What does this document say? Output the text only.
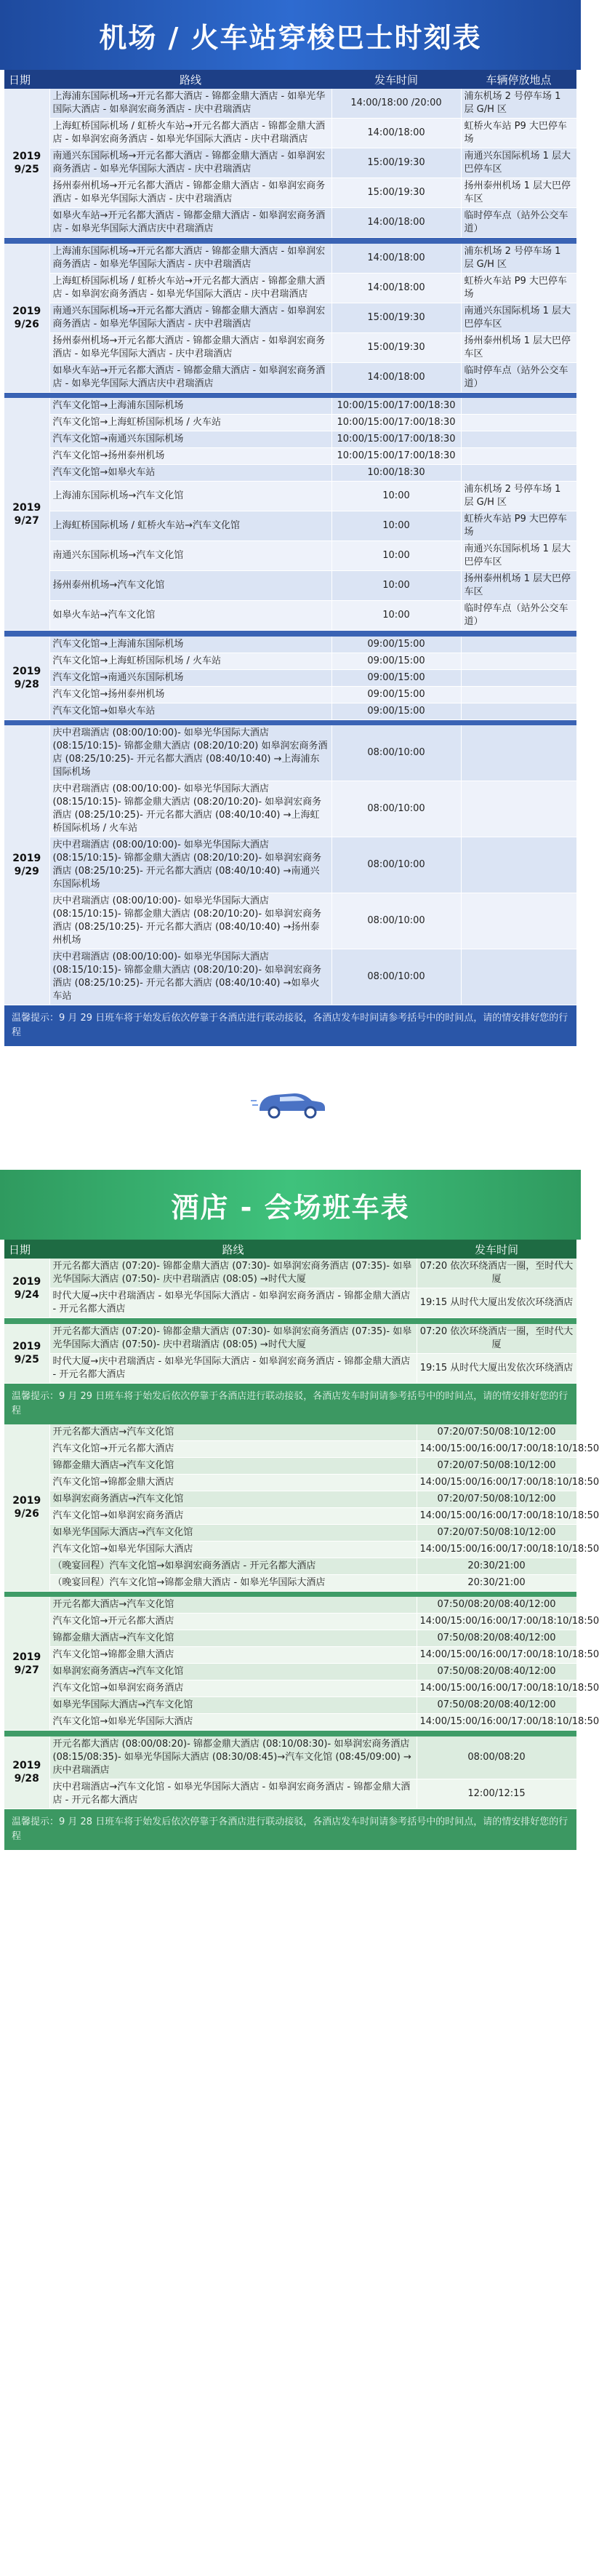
机场 / 火车站穿梭巴士时刻表
日期	路线	发车时间	车辆停放地点
2019
9/25	上海浦东国际机场→开元名都大酒店 - 锦都金鼎大酒店 - 如皋光华国际大酒店 - 如皋润宏商务酒店 - 庆中君瑞酒店	14:00/18:00 /20:00	浦东机场 2 号停车场 1 层 G/H 区
	上海虹桥国际机场 / 虹桥火车站→开元名都大酒店 - 锦都金鼎大酒店 - 如皋润宏商务酒店 - 如皋光华国际大酒店 - 庆中君瑞酒店	14:00/18:00	虹桥火车站 P9 大巴停车场
	南通兴东国际机场→开元名都大酒店 - 锦都金鼎大酒店 - 如皋润宏商务酒店 - 如皋光华国际大酒店 - 庆中君瑞酒店	15:00/19:30	南通兴东国际机场 1 层大巴停车区
	扬州泰州机场→开元名都大酒店 - 锦都金鼎大酒店 - 如皋润宏商务酒店 - 如皋光华国际大酒店 - 庆中君瑞酒店	15:00/19:30	扬州泰州机场 1 层大巴停车区
	如皋火车站→开元名都大酒店 - 锦都金鼎大酒店 - 如皋润宏商务酒店 - 如皋光华国际大酒店庆中君瑞酒店	14:00/18:00	临时停车点（站外公交车道）

2019
9/26	上海浦东国际机场→开元名都大酒店 - 锦都金鼎大酒店 - 如皋润宏商务酒店 - 如皋光华国际大酒店 - 庆中君瑞酒店	14:00/18:00	浦东机场 2 号停车场 1 层 G/H 区
	上海虹桥国际机场 / 虹桥火车站→开元名都大酒店 - 锦都金鼎大酒店 - 如皋润宏商务酒店 - 如皋光华国际大酒店 - 庆中君瑞酒店	14:00/18:00	虹桥火车站 P9 大巴停车场
	南通兴东国际机场→开元名都大酒店 - 锦都金鼎大酒店 - 如皋润宏商务酒店 - 如皋光华国际大酒店 - 庆中君瑞酒店	15:00/19:30	南通兴东国际机场 1 层大巴停车区
	扬州泰州机场→开元名都大酒店 - 锦都金鼎大酒店 - 如皋润宏商务酒店 - 如皋光华国际大酒店 - 庆中君瑞酒店	15:00/19:30	扬州泰州机场 1 层大巴停车区
	如皋火车站→开元名都大酒店 - 锦都金鼎大酒店 - 如皋润宏商务酒店 - 如皋光华国际大酒店庆中君瑞酒店	14:00/18:00	临时停车点（站外公交车道）

2019
9/27	汽车文化馆→上海浦东国际机场	10:00/15:00/17:00/18:30	
	汽车文化馆→上海虹桥国际机场 / 火车站	10:00/15:00/17:00/18:30	
	汽车文化馆→南通兴东国际机场	10:00/15:00/17:00/18:30	
	汽车文化馆→扬州泰州机场	10:00/15:00/17:00/18:30	
	汽车文化馆→如皋火车站	10:00/18:30	
	上海浦东国际机场→汽车文化馆	10:00	浦东机场 2 号停车场 1 层 G/H 区
	上海虹桥国际机场 / 虹桥火车站→汽车文化馆	10:00	虹桥火车站 P9 大巴停车场
	南通兴东国际机场→汽车文化馆	10:00	南通兴东国际机场 1 层大巴停车区
	扬州泰州机场→汽车文化馆	10:00	扬州泰州机场 1 层大巴停车区
	如皋火车站→汽车文化馆	10:00	临时停车点（站外公交车道）

2019
9/28	汽车文化馆→上海浦东国际机场	09:00/15:00	
	汽车文化馆→上海虹桥国际机场 / 火车站	09:00/15:00	
	汽车文化馆→南通兴东国际机场	09:00/15:00	
	汽车文化馆→扬州泰州机场	09:00/15:00	
	汽车文化馆→如皋火车站	09:00/15:00	

2019
9/29	庆中君瑞酒店 (08:00/10:00)- 如皋光华国际大酒店 (08:15/10:15)- 锦都金鼎大酒店 (08:20/10:20) 如皋润宏商务酒店 (08:25/10:25)- 开元名都大酒店 (08:40/10:40) →上海浦东国际机场	08:00/10:00	
	庆中君瑞酒店 (08:00/10:00)- 如皋光华国际大酒店 (08:15/10:15)- 锦都金鼎大酒店 (08:20/10:20)- 如皋润宏商务酒店 (08:25/10:25)- 开元名都大酒店 (08:40/10:40) →上海虹桥国际机场 / 火车站	08:00/10:00	
	庆中君瑞酒店 (08:00/10:00)- 如皋光华国际大酒店 (08:15/10:15)- 锦都金鼎大酒店 (08:20/10:20)- 如皋润宏商务酒店 (08:25/10:25)- 开元名都大酒店 (08:40/10:40) →南通兴东国际机场	08:00/10:00	
	庆中君瑞酒店 (08:00/10:00)- 如皋光华国际大酒店 (08:15/10:15)- 锦都金鼎大酒店 (08:20/10:20)- 如皋润宏商务酒店 (08:25/10:25)- 开元名都大酒店 (08:40/10:40) →扬州泰州机场	08:00/10:00	
	庆中君瑞酒店 (08:00/10:00)- 如皋光华国际大酒店 (08:15/10:15)- 锦都金鼎大酒店 (08:20/10:20)- 如皋润宏商务酒店 (08:25/10:25)- 开元名都大酒店 (08:40/10:40) →如皋火车站	08:00/10:00	
温馨提示：9 月 29 日班车将于始发后依次停靠于各酒店进行联动接驳，各酒店发车时间请参考括号中的时间点，请的情安排好您的行程
酒店 - 会场班车表
日期	路线	发车时间
2019
9/24	开元名都大酒店 (07:20)- 锦都金鼎大酒店 (07:30)- 如皋润宏商务酒店 (07:35)- 如皋光华国际大酒店 (07:50)- 庆中君瑞酒店 (08:05) →时代大厦	07:20 依次环绕酒店一圈，至时代大厦
	时代大厦→庆中君瑞酒店 - 如皋光华国际大酒店 - 如皋润宏商务酒店 - 锦都金鼎大酒店 - 开元名都大酒店	19:15 从时代大厦出发依次环绕酒店

2019
9/25	开元名都大酒店 (07:20)- 锦都金鼎大酒店 (07:30)- 如皋润宏商务酒店 (07:35)- 如皋光华国际大酒店 (07:50)- 庆中君瑞酒店 (08:05) →时代大厦	07:20 依次环绕酒店一圈，至时代大厦
	时代大厦→庆中君瑞酒店 - 如皋光华国际大酒店 - 如皋润宏商务酒店 - 锦都金鼎大酒店 - 开元名都大酒店	19:15 从时代大厦出发依次环绕酒店
温馨提示：9 月 29 日班车将于始发后依次停靠于各酒店进行联动接驳，各酒店发车时间请参考括号中的时间点，请的情安排好您的行程
2019
9/26	开元名都大酒店→汽车文化馆	07:20/07:50/08:10/12:00
	汽车文化馆→开元名都大酒店	14:00/15:00/16:00/17:00/18:10/18:50
	锦都金鼎大酒店→汽车文化馆	07:20/07:50/08:10/12:00
	汽车文化馆→锦都金鼎大酒店	14:00/15:00/16:00/17:00/18:10/18:50
	如皋润宏商务酒店→汽车文化馆	07:20/07:50/08:10/12:00
	汽车文化馆→如皋润宏商务酒店	14:00/15:00/16:00/17:00/18:10/18:50
	如皋光华国际大酒店→汽车文化馆	07:20/07:50/08:10/12:00
	汽车文化馆→如皋光华国际大酒店	14:00/15:00/16:00/17:00/18:10/18:50
	（晚宴回程）汽车文化馆→如皋润宏商务酒店 - 开元名都大酒店	20:30/21:00
	（晚宴回程）汽车文化馆→锦都金鼎大酒店 - 如皋光华国际大酒店	20:30/21:00

2019
9/27	开元名都大酒店→汽车文化馆	07:50/08:20/08:40/12:00
	汽车文化馆→开元名都大酒店	14:00/15:00/16:00/17:00/18:10/18:50
	锦都金鼎大酒店→汽车文化馆	07:50/08:20/08:40/12:00
	汽车文化馆→锦都金鼎大酒店	14:00/15:00/16:00/17:00/18:10/18:50
	如皋润宏商务酒店→汽车文化馆	07:50/08:20/08:40/12:00
	汽车文化馆→如皋润宏商务酒店	14:00/15:00/16:00/17:00/18:10/18:50
	如皋光华国际大酒店→汽车文化馆	07:50/08:20/08:40/12:00
	汽车文化馆→如皋光华国际大酒店	14:00/15:00/16:00/17:00/18:10/18:50

2019
9/28	开元名都大酒店 (08:00/08:20)- 锦都金鼎大酒店 (08:10/08:30)- 如皋润宏商务酒店 (08:15/08:35)- 如皋光华国际大酒店 (08:30/08:45)→汽车文化馆 (08:45/09:00) →庆中君瑞酒店	08:00/08:20
	庆中君瑞酒店→汽车文化馆 - 如皋光华国际大酒店 - 如皋润宏商务酒店 - 锦都金鼎大酒店 - 开元名都大酒店	12:00/12:15
温馨提示：9 月 28 日班车将于始发后依次停靠于各酒店进行联动接驳，各酒店发车时间请参考括号中的时间点，请的情安排好您的行程
